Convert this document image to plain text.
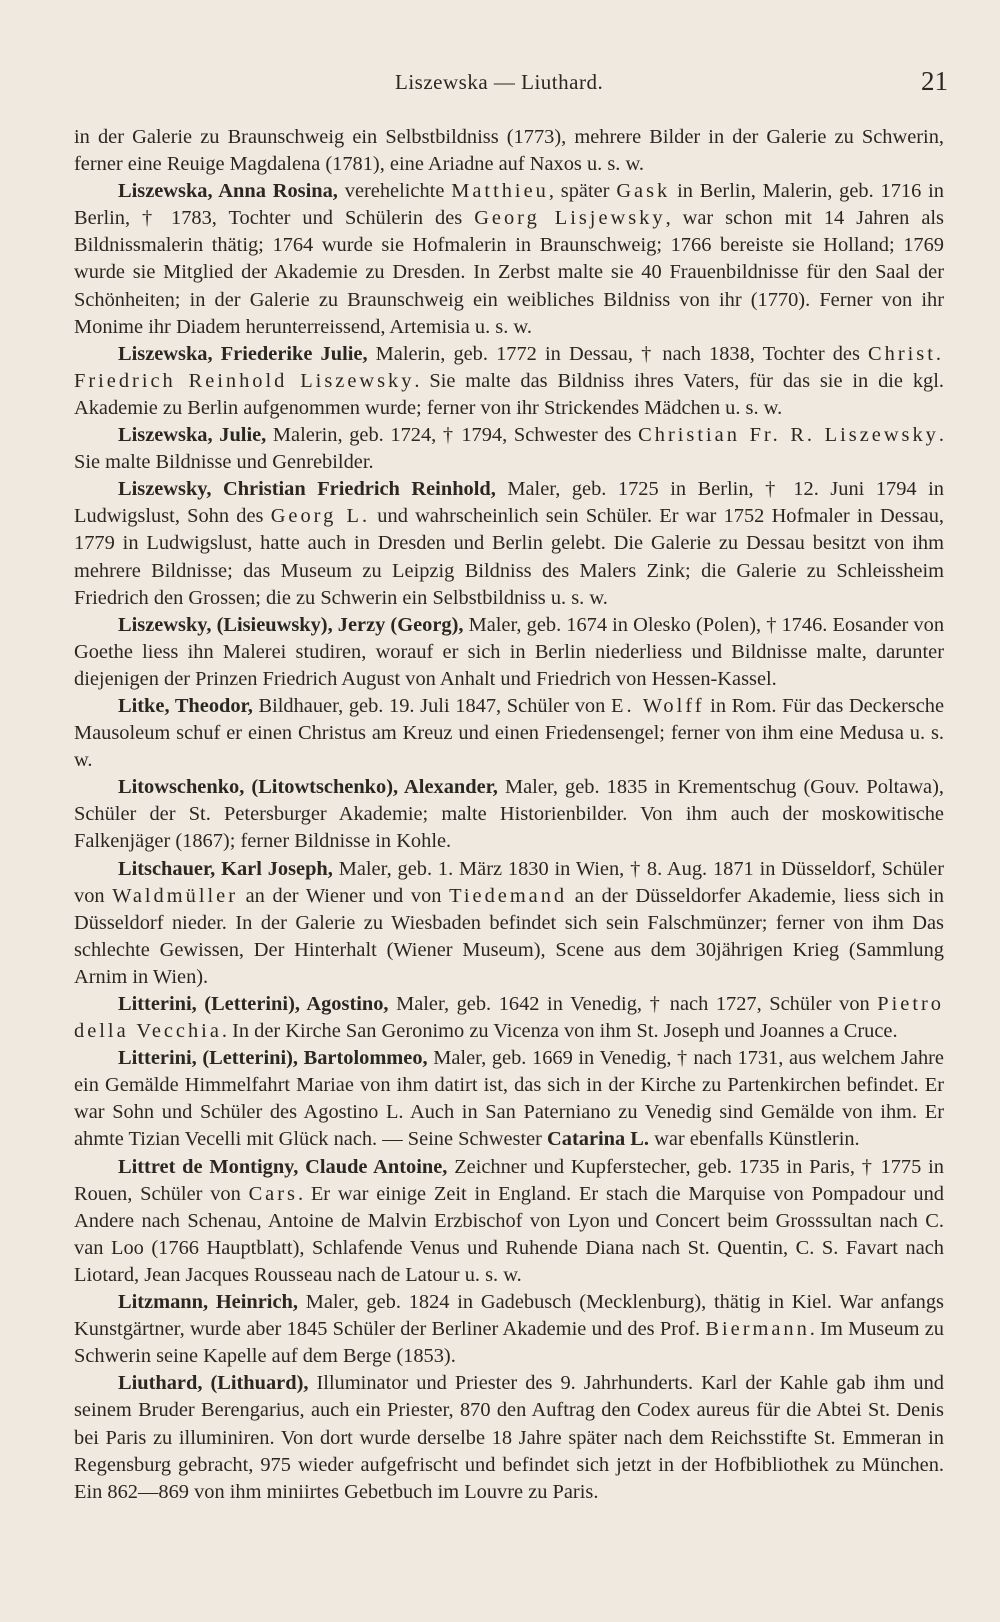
Liszewska — Liuthard.	21

in der Galerie zu Braunschweig ein Selbstbildniss (1773), mehrere Bilder in der Galerie zu Schwerin, ferner eine Reuige Magdalena (1781), eine Ariadne auf Naxos u. s. w.

Liszewska, Anna Rosina, verehelichte Matthieu, später Gask in Berlin, Malerin, geb. 1716 in Berlin, † 1783, Tochter und Schülerin des Georg Lisjewsky, war schon mit 14 Jahren als Bildnissmalerin thätig; 1764 wurde sie Hofmalerin in Braunschweig; 1766 bereiste sie Holland; 1769 wurde sie Mitglied der Akademie zu Dresden. In Zerbst malte sie 40 Frauenbildnisse für den Saal der Schönheiten; in der Galerie zu Braunschweig ein weibliches Bildniss von ihr (1770). Ferner von ihr Monime ihr Diadem herunterreissend, Artemisia u. s. w.

Liszewska, Friederike Julie, Malerin, geb. 1772 in Dessau, † nach 1838, Tochter des Christ. Friedrich Reinhold Liszewsky. Sie malte das Bildniss ihres Vaters, für das sie in die kgl. Akademie zu Berlin aufgenommen wurde; ferner von ihr Strickendes Mädchen u. s. w.

Liszewska, Julie, Malerin, geb. 1724, † 1794, Schwester des Christian Fr. R. Liszewsky. Sie malte Bildnisse und Genrebilder.

Liszewsky, Christian Friedrich Reinhold, Maler, geb. 1725 in Berlin, † 12. Juni 1794 in Ludwigslust, Sohn des Georg L. und wahrscheinlich sein Schüler. Er war 1752 Hofmaler in Dessau, 1779 in Ludwigslust, hatte auch in Dresden und Berlin gelebt. Die Galerie zu Dessau besitzt von ihm mehrere Bildnisse; das Museum zu Leipzig Bildniss des Malers Zink; die Galerie zu Schleissheim Friedrich den Grossen; die zu Schwerin ein Selbstbildniss u. s. w.

Liszewsky, (Lisieuwsky), Jerzy (Georg), Maler, geb. 1674 in Olesko (Polen), † 1746. Eosander von Goethe liess ihn Malerei studiren, worauf er sich in Berlin niederliess und Bildnisse malte, darunter diejenigen der Prinzen Friedrich August von Anhalt und Friedrich von Hessen-Kassel.

Litke, Theodor, Bildhauer, geb. 19. Juli 1847, Schüler von E. Wolff in Rom. Für das Deckersche Mausoleum schuf er einen Christus am Kreuz und einen Friedensengel; ferner von ihm eine Medusa u. s. w.

Litowschenko, (Litowtschenko), Alexander, Maler, geb. 1835 in Krementschug (Gouv. Poltawa), Schüler der St. Petersburger Akademie; malte Historienbilder. Von ihm auch der moskowitische Falkenjäger (1867); ferner Bildnisse in Kohle.

Litschauer, Karl Joseph, Maler, geb. 1. März 1830 in Wien, † 8. Aug. 1871 in Düsseldorf, Schüler von Waldmüller an der Wiener und von Tiedemand an der Düsseldorfer Akademie, liess sich in Düsseldorf nieder. In der Galerie zu Wiesbaden befindet sich sein Falschmünzer; ferner von ihm Das schlechte Gewissen, Der Hinterhalt (Wiener Museum), Scene aus dem 30jährigen Krieg (Sammlung Arnim in Wien).

Litterini, (Letterini), Agostino, Maler, geb. 1642 in Venedig, † nach 1727, Schüler von Pietro della Vecchia. In der Kirche San Geronimo zu Vicenza von ihm St. Joseph und Joannes a Cruce.

Litterini, (Letterini), Bartolommeo, Maler, geb. 1669 in Venedig, † nach 1731, aus welchem Jahre ein Gemälde Himmelfahrt Mariae von ihm datirt ist, das sich in der Kirche zu Partenkirchen befindet. Er war Sohn und Schüler des Agostino L. Auch in San Paterniano zu Venedig sind Gemälde von ihm. Er ahmte Tizian Vecelli mit Glück nach. — Seine Schwester Catarina L. war ebenfalls Künstlerin.

Littret de Montigny, Claude Antoine, Zeichner und Kupferstecher, geb. 1735 in Paris, † 1775 in Rouen, Schüler von Cars. Er war einige Zeit in England. Er stach die Marquise von Pompadour und Andere nach Schenau, Antoine de Malvin Erzbischof von Lyon und Concert beim Grosssultan nach C. van Loo (1766 Hauptblatt), Schlafende Venus und Ruhende Diana nach St. Quentin, C. S. Favart nach Liotard, Jean Jacques Rousseau nach de Latour u. s. w.

Litzmann, Heinrich, Maler, geb. 1824 in Gadebusch (Mecklenburg), thätig in Kiel. War anfangs Kunstgärtner, wurde aber 1845 Schüler der Berliner Akademie und des Prof. Biermann. Im Museum zu Schwerin seine Kapelle auf dem Berge (1853).

Liuthard, (Lithuard), Illuminator und Priester des 9. Jahrhunderts. Karl der Kahle gab ihm und seinem Bruder Berengarius, auch ein Priester, 870 den Auftrag den Codex aureus für die Abtei St. Denis bei Paris zu illuminiren. Von dort wurde derselbe 18 Jahre später nach dem Reichsstifte St. Emmeran in Regensburg gebracht, 975 wieder aufgefrischt und befindet sich jetzt in der Hofbibliothek zu München. Ein 862—869 von ihm miniirtes Gebetbuch im Louvre zu Paris.
